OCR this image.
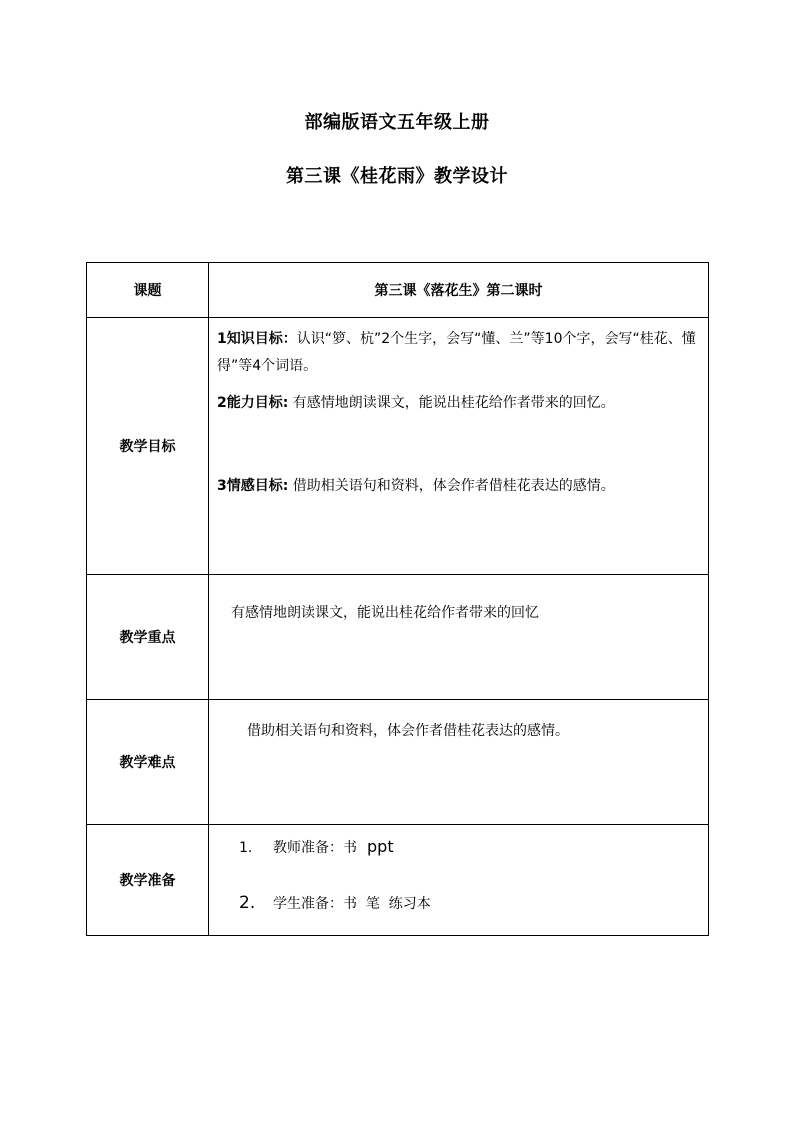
部编版语文五年级上册
第三课《桂花雨》教学设计
课题	第三课《落花生》第二课时
教学目标	1知识目标：认识“箩、杭”2个生字，会写“懂、兰”等10个字，会写“桂花、懂得”等4个词语。

2能力目标: 有感情地朗读课文，能说出桂花给作者带来的回忆。

3情感目标: 借助相关语句和资料，体会作者借桂花表达的感情。

教学重点	有感情地朗读课文，能说出桂花给作者带来的回忆

教学难点	借助相关语句和资料，体会作者借桂花表达的感情。

教学准备	1. 教师准备：书 ppt
2. 学生准备：书  笔  练习本
